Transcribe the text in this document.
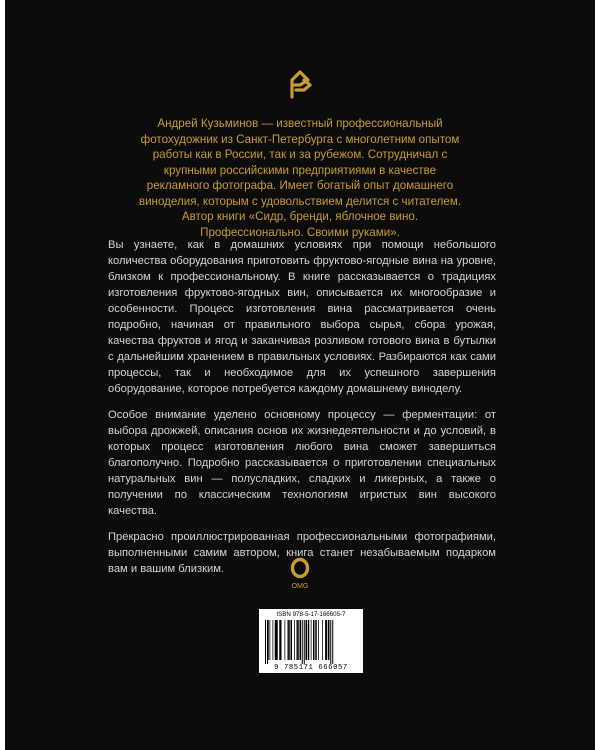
Андрей Кузьминов — известный профессиональный фотохудожник из Санкт-Петербурга с многолетним опытом работы как в России, так и за рубежом. Сотрудничал с крупными российскими предприятиями в качестве рекламного фотографа. Имеет богатый опыт домашнего виноделия, которым с удовольствием делится с читателем. Автор книги «Сидр, бренди, яблочное вино. Профессионально. Своими руками».

Вы узнаете, как в домашних условиях при помощи небольшого количества оборудования приготовить фруктово-ягодные вина на уровне, близком к профессиональному. В книге рассказывается о традициях изготовления фруктово-ягодных вин, описывается их многообразие и особенности. Процесс изготовления вина рассматривается очень подробно, начиная от правильного выбора сырья, сбора урожая, качества фруктов и ягод и заканчивая розливом готового вина в бутылки с дальнейшим хранением в правильных условиях. Разбираются как сами процессы, так и необходимое для их успешного завершения оборудование, которое потребуется каждому домашнему виноделу.

Особое внимание уделено основному процессу — ферментации: от выбора дрожжей, описания основ их жизнедеятельности и до условий, в которых процесс изготовления любого вина сможет завершиться благополучно. Подробно рассказывается о приготовлении специальных натуральных вин — полусладких, сладких и ликерных, а также о получении по классическим технологиям игристых вин высокого качества.

Прекрасно проиллюстрированная профессиональными фотографиями, выполненными самим автором, книга станет незабываемым подарком вам и вашим близким.

OMG
ISBN 978-5-17-166605-7
9 785171 666057
